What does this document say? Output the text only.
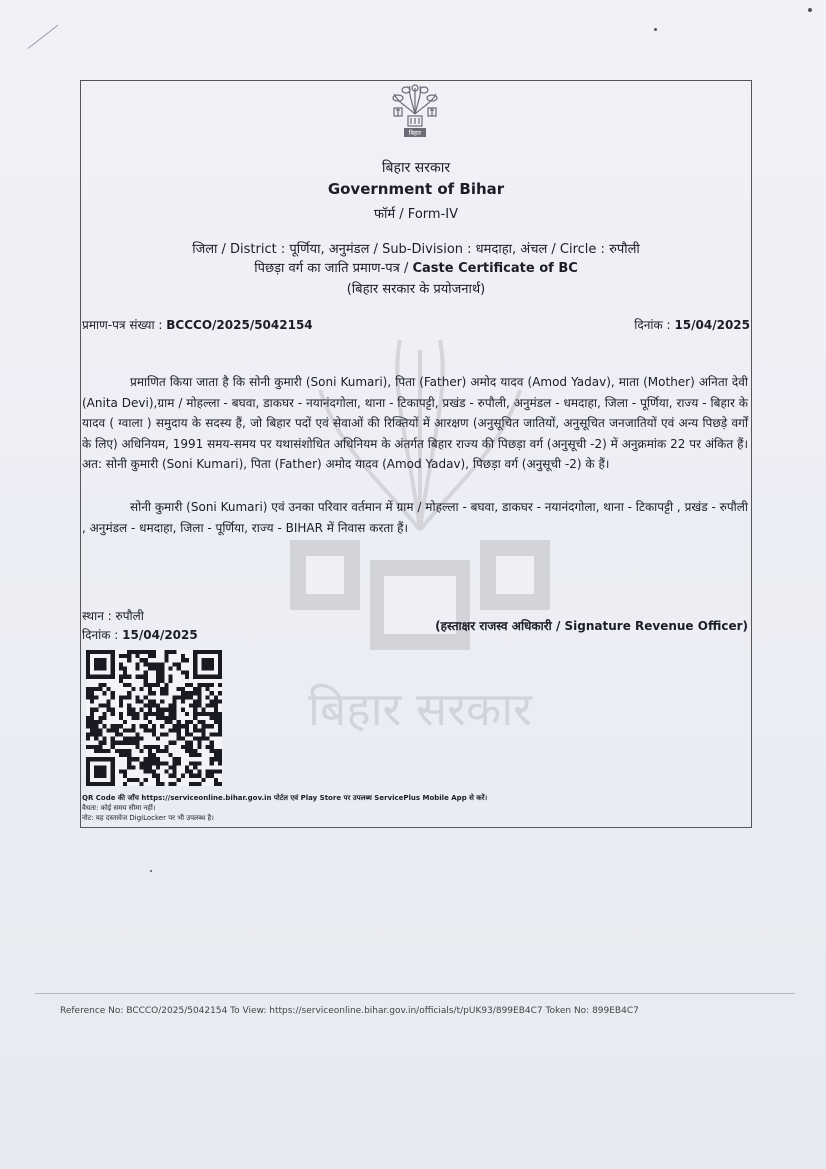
बिहार
बिहार सरकार
बिहार सरकार
Government of Bihar
फॉर्म / Form-IV
जिला / District : पूर्णिया, अनुमंडल / Sub-Division : धमदाहा, अंचल / Circle : रुपौली
पिछड़ा वर्ग का जाति प्रमाण-पत्र / Caste Certificate of BC
(बिहार सरकार के प्रयोजनार्थ)
प्रमाण-पत्र संख्या : BCCCO/2025/5042154	दिनांक : 15/04/2025

प्रमाणित किया जाता है कि सोनी कुमारी (Soni Kumari), पिता (Father) अमोद यादव (Amod Yadav), माता (Mother) अनिता देवी (Anita Devi),ग्राम / मोहल्ला - बघवा, डाकघर - नयानंदगोला, थाना - टिकापट्टी, प्रखंड - रुपौली, अनुमंडल - धमदाहा, जिला - पूर्णिया, राज्य - बिहार के यादव ( ग्वाला ) समुदाय के सदस्य हैं, जो बिहार पदों एवं सेवाओं की रिक्तियों में आरक्षण (अनुसूचित जातियों, अनुसूचित जनजातियों एवं अन्य पिछड़े वर्गों के लिए) अधिनियम, 1991 समय-समय पर यथासंशोधित अधिनियम के अंतर्गत बिहार राज्य की पिछड़ा वर्ग (अनुसूची -2) में अनुक्रमांक 22 पर अंकित हैं। अत: सोनी कुमारी (Soni Kumari), पिता (Father) अमोद यादव (Amod Yadav), पिछड़ा वर्ग (अनुसूची -2) के हैं।

सोनी कुमारी (Soni Kumari) एवं उनका परिवार वर्तमान में ग्राम / मोहल्ला - बघवा, डाकघर - नयानंदगोला, थाना - टिकापट्टी , प्रखंड - रुपौली , अनुमंडल - धमदाहा, जिला - पूर्णिया, राज्य - BIHAR में निवास करता हैं।

स्थान : रुपौली
दिनांक : 15/04/2025
(हस्ताक्षर राजस्व अधिकारी / Signature Revenue Officer)
QR Code की जाँच https://serviceonline.bihar.gov.in पोर्टल एवं Play Store पर उपलब्ध ServicePlus Mobile App से करें।
वैधता: कोई समय सीमा नहीं।
नोट: यह दस्तावेज DigiLocker पर भी उपलब्ध है।
Reference No: BCCCO/2025/5042154 To View: https://serviceonline.bihar.gov.in/officials/t/pUK93/899EB4C7 Token No: 899EB4C7
